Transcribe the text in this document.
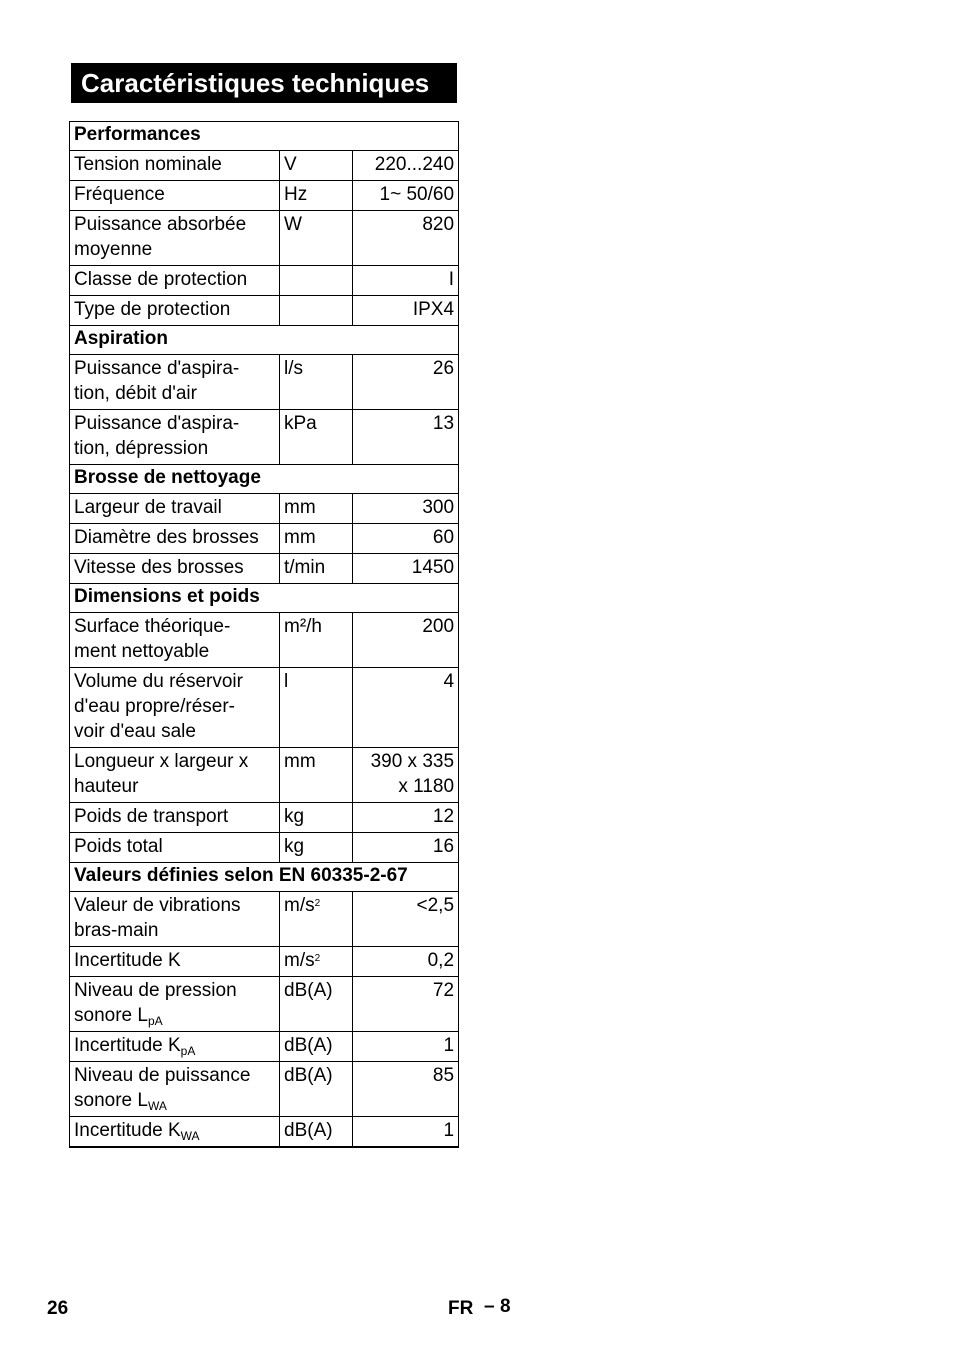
Caractéristiques techniques
Performances		
Tension nominale	V	220...240
Fréquence	Hz	1~ 50/60
Puissance absorbée moyenne	W	820
Classe de protection		I
Type de protection		IPX4
Aspiration		
Puissance d'aspira-
tion, débit d'air	l/s	26
Puissance d'aspira-
tion, dépression	kPa	13
Brosse de nettoyage		
Largeur de travail	mm	300
Diamètre des brosses	mm	60
Vitesse des brosses	t/min	1450
Dimensions et poids		
Surface théorique-
ment nettoyable	m²/h	200
Volume du réservoir
d'eau propre/réser-
voir d'eau sale	l	4
Longueur x largeur x
hauteur	mm	390 x 335
x 1180
Poids de transport	kg	12
Poids total	kg	16
Valeurs définies selon EN 60335-2-67		
Valeur de vibrations
bras-main	$m/s^2$	<2,5
Incertitude K	$m/s^2$	0,2
Niveau de pression
sonore $L_{pA}$	dB(A)	72
Incertitude $K_{pA}$	dB(A)	1
Niveau de puissance
sonore $L_{WA}$	dB(A)	85
Incertitude $K_{WA}$	dB(A)	1
26	FR – 8
